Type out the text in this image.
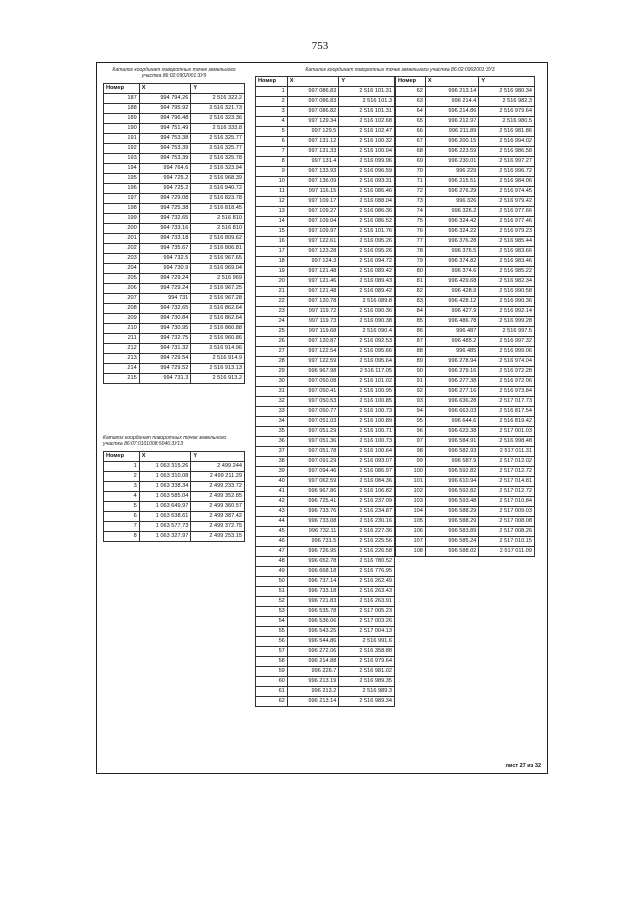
753
Каталог координат поворотных точек земельного участка 86:02:0902001:3У9
Номер	X	Y
187	994 794.26	2 516 322.2
188	994 795.92	2 516 321.73
189	994 796.48	2 516 323.36
190	994 751.49	2 516 333.8
191	994 753.38	2 516 325.77
192	994 753.39	2 516 325.77
193	994 753.39	2 516 325.78
194	994 764.6	2 516 323.94
195	994 725.2	2 516 968.39
196	994 725.2	2 516 940.72
197	994 729.08	2 516 823.78
198	994 725.38	2 516 818.45
199	994 732.65	2 516 810
200	994 733.16	2 516 810
201	994 733.18	2 516 809.62
202	994 735.67	2 516 806.81
203	994 732.5	2 516 967.65
204	994 730.9	2 516 969.04
205	994 729.24	2 516 969
206	994 729.24	2 516 967.25
207	994 731	2 516 967.28
208	994 732.65	2 516 862.64
209	994 730.84	2 516 862.64
210	994 730.95	2 516 860.88
211	994 732.75	2 516 960.86
212	994 731.32	2 516 914.96
213	994 729.54	2 516 914.9
214	994 729.52	2 516 913.13
215	994 731.3	2 516 913.2
Каталог координат поворотных точек земельного участка 86:07:0101008:5046:3У13
Номер	X	Y
1	1 063 315.26	2 499 244
2	1 063 310.08	2 499 211.29
3	1 063 338.34	2 499 233.72
4	1 063 585.04	2 499 352.85
5	1 063 649.97	2 499 360.57
6	1 063 638.61	2 499 387.42
7	1 063 577.73	2 499 372.75
8	1 063 327.97	2 499 253.15
Каталог координат поворотных точек земельного участка 86:02:0902001:3У3
Номер	X	Y
1	997 086.83	2 516 101.31
2	997 086.83	2 516 101.3
3	997 086.82	2 516 101.31
4	997 129.34	2 516 102.68
5	997 129.5	2 516 102.47
6	997 131.12	2 516 100.32
7	997 131.33	2 516 100.04
8	997 131.4	2 516 099.96
9	997 133.93	2 516 096.59
10	997 136.09	2 516 093.31
11	997 116.15	2 516 086.46
12	997 109.17	2 516 088.04
13	997 109.27	2 516 086.36
14	997 109.04	2 516 086.52
15	997 109.97	2 516 101.76
16	997 122.61	2 516 095.26
17	997 123.28	2 516 095.26
18	997 124.3	2 516 094.72
19	997 121.48	2 516 089.42
20	997 121.46	2 516 089.43
21	997 121.48	2 516 089.42
22	997 120.78	2 516 089.8
23	997 119.72	2 516 090.36
24	997 119.73	2 516 090.38
25	997 119.68	2 516 090.4
26	997 120.87	2 516 092.53
27	997 122.54	2 516 095.66
28	997 122.59	2 516 095.64
29	996 967.98	2 516 117.05
30	997 050.08	2 516 101.02
31	997 050.41	2 516 100.95
32	997 050.53	2 516 100.85
33	997 050.77	2 516 100.73
34	997 051.03	2 516 100.89
35	997 051.29	2 516 100.71
36	997 051.36	2 516 100.73
37	997 051.78	2 516 100.64
38	997 091.29	2 516 093.07
39	997 094.46	2 516 086.97
40	997 062.59	2 516 084.36
41	996 967.86	2 516 106.82
42	996 725.41	2 516 237.09
43	996 733.76	2 516 234.87
44	996 733.08	2 516 230.16
45	996 732.11	2 516 227.36
46	996 731.5	2 516 225.56
47	996 726.95	2 516 226.58
48	996 652.78	2 516 780.52
49	996 668.18	2 516 776.95
50	996 737.14	2 516 262.49
51	996 733.18	2 516 263.43
52	996 721.83	2 516 263.91
53	996 535.78	2 517 005.23
54	996 536.06	2 517 003.26
55	996 543.25	2 517 004.13
56	996 544.86	2 516 991.6
57	996 272.06	2 516 358.88
58	996 214.88	2 516 979.64
59	996 226.7	2 516 981.02
60	996 213.19	2 516 989.35
61	996 213.2	2 516 989.3
62	996 213.14	2 516 989.34
Номер	X	Y
62	996 213.14	2 516 980.34
63	996 214.4	2 516 982.3
64	996 214.86	2 516 979.64
65	996 212.97	2 516 980.5
66	996 211.89	2 516 981.86
67	996 200.15	2 516 994.02
68	996 223.59	2 516 986.58
69	996 230.01	2 516 997.27
70	996 229	2 516 996.72
71	996 215.51	2 516 984.06
72	996 276.29	2 516 974.45
73	996 326	2 516 979.42
74	996 326.2	2 516 977.66
75	996 324.42	2 516 977.46
76	996 324.22	2 516 979.23
77	996 376.28	2 516 985.44
78	996 376.5	2 516 983.66
79	996 374.82	2 516 983.46
80	996 374.6	2 516 985.22
81	996 429.68	2 516 982.34
82	996 428.9	2 516 990.58
83	996 428.12	2 516 990.36
84	996 427.9	2 516 992.14
85	996 486.78	2 516 999.28
86	996 487	2 516 997.5
87	996 485.2	2 516 997.32
88	996 485	2 516 999.06
89	996 278.94	2 516 974.04
90	996 279.16	2 516 972.28
91	996 277.38	2 516 972.06
92	996 277.16	2 516 973.84
93	996 636.28	2 517 017.73
94	996 663.03	2 516 817.54
95	996 644.6	2 516 819.42
96	996 623.38	2 517 001.03
97	996 584.91	2 516 998.48
98	996 582.93	2 517 011.31
99	996 587.9	2 517 012.02
100	996 592.82	2 517 012.72
101	996 610.94	2 517 014.81
102	996 592.82	2 517 012.72
103	996 593.48	2 517 010.84
104	996 588.29	2 517 009.03
105	996 588.29	2 517 008.08
106	996 583.89	2 517 008.26
107	996 585.24	2 517 010.15
108	996 588.02	2 517 011.09
лист 27 из 32
